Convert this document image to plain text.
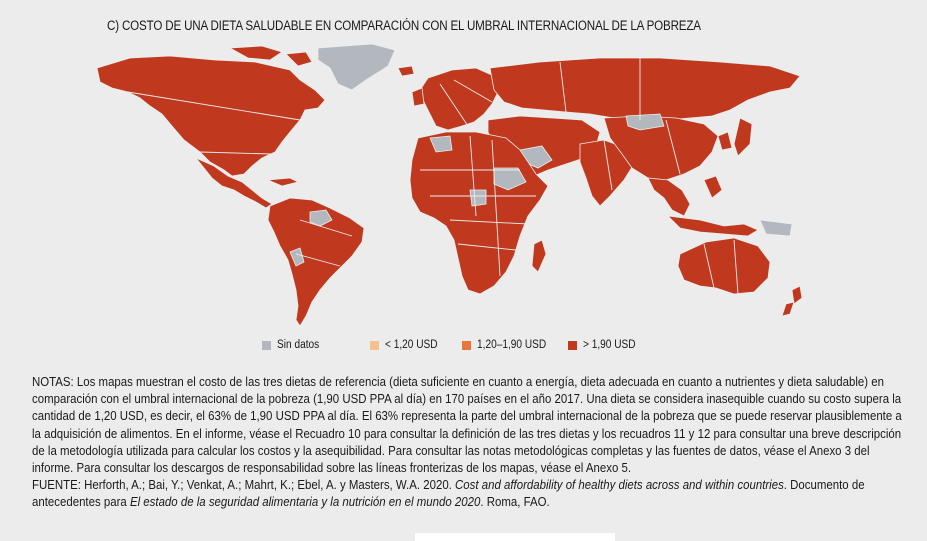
C) COSTO DE UNA DIETA SALUDABLE EN COMPARACIÓN CON EL UMBRAL INTERNACIONAL DE LA POBREZA
Sin datos	< 1,20 USD	1,20–1,90 USD	> 1,90 USD

NOTAS: Los mapas muestran el costo de las tres dietas de referencia (dieta suficiente en cuanto a energía, dieta adecuada en cuanto a nutrientes y dieta saludable) en comparación con el umbral internacional de la pobreza (1,90 USD PPA al día) en 170 países en el año 2017. Una dieta se considera inasequible cuando su costo supera la cantidad de 1,20 USD, es decir, el 63% de 1,90 USD PPA al día. El 63% representa la parte del umbral internacional de la pobreza que se puede reservar plausiblemente a la adquisición de alimentos. En el informe, véase el Recuadro 10 para consultar la definición de las tres dietas y los recuadros 11 y 12 para consultar una breve descripción de la metodología utilizada para calcular los costos y la asequibilidad. Para consultar las notas metodológicas completas y las fuentes de datos, véase el Anexo 3 del informe. Para consultar los descargos de responsabilidad sobre las líneas fronterizas de los mapas, véase el Anexo 5.

FUENTE: Herforth, A.; Bai, Y.; Venkat, A.; Mahrt, K.; Ebel, A. y Masters, W.A. 2020. Cost and affordability of healthy diets across and within countries. Documento de antecedentes para El estado de la seguridad alimentaria y la nutrición en el mundo 2020. Roma, FAO.
